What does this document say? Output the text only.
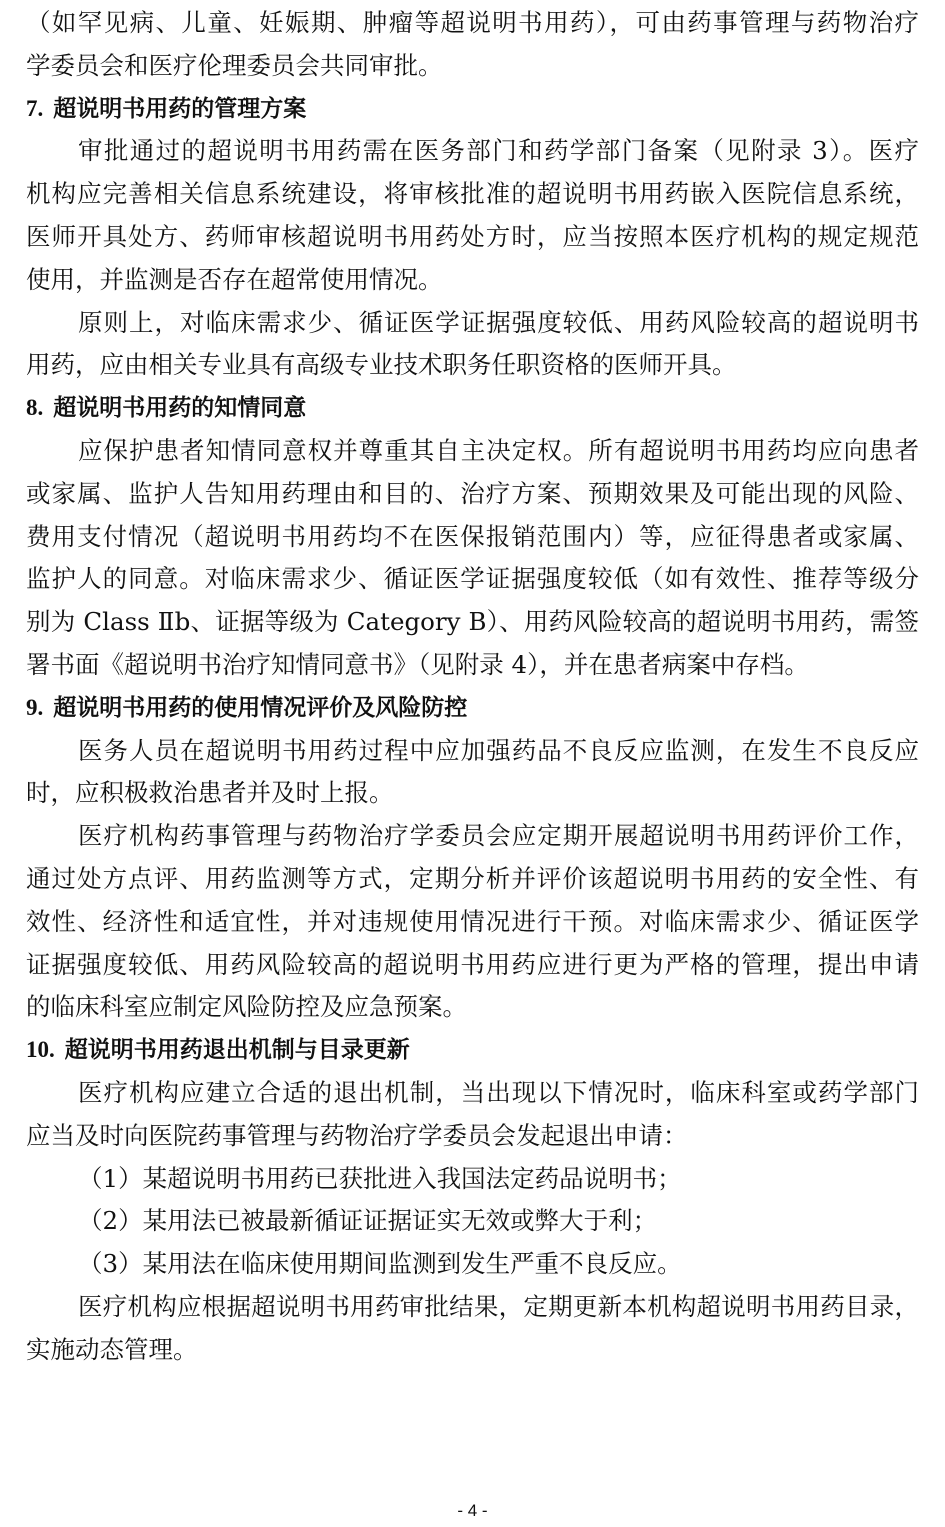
（如罕见病、儿童、妊娠期、肿瘤等超说明书用药），可由药事管理与药物治疗
学委员会和医疗伦理委员会共同审批。
7. 超说明书用药的管理方案
审批通过的超说明书用药需在医务部门和药学部门备案（见附录 3）。医疗
机构应完善相关信息系统建设，将审核批准的超说明书用药嵌入医院信息系统，
医师开具处方、药师审核超说明书用药处方时，应当按照本医疗机构的规定规范
使用，并监测是否存在超常使用情况。
原则上，对临床需求少、循证医学证据强度较低、用药风险较高的超说明书
用药，应由相关专业具有高级专业技术职务任职资格的医师开具。
8. 超说明书用药的知情同意
应保护患者知情同意权并尊重其自主决定权。所有超说明书用药均应向患者
或家属、监护人告知用药理由和目的、治疗方案、预期效果及可能出现的风险、
费用支付情况（超说明书用药均不在医保报销范围内）等，应征得患者或家属、
监护人的同意。对临床需求少、循证医学证据强度较低（如有效性、推荐等级分
别为 Class Ⅱb、证据等级为 Category B）、用药风险较高的超说明书用药，需签
署书面《超说明书治疗知情同意书》（见附录 4），并在患者病案中存档。
9. 超说明书用药的使用情况评价及风险防控
医务人员在超说明书用药过程中应加强药品不良反应监测，在发生不良反应
时，应积极救治患者并及时上报。
医疗机构药事管理与药物治疗学委员会应定期开展超说明书用药评价工作，
通过处方点评、用药监测等方式，定期分析并评价该超说明书用药的安全性、有
效性、经济性和适宜性，并对违规使用情况进行干预。对临床需求少、循证医学
证据强度较低、用药风险较高的超说明书用药应进行更为严格的管理，提出申请
的临床科室应制定风险防控及应急预案。
10. 超说明书用药退出机制与目录更新
医疗机构应建立合适的退出机制，当出现以下情况时，临床科室或药学部门
应当及时向医院药事管理与药物治疗学委员会发起退出申请：
（1）某超说明书用药已获批进入我国法定药品说明书；
（2）某用法已被最新循证证据证实无效或弊大于利；
（3）某用法在临床使用期间监测到发生严重不良反应。
医疗机构应根据超说明书用药审批结果，定期更新本机构超说明书用药目录，
实施动态管理。
- 4 -
